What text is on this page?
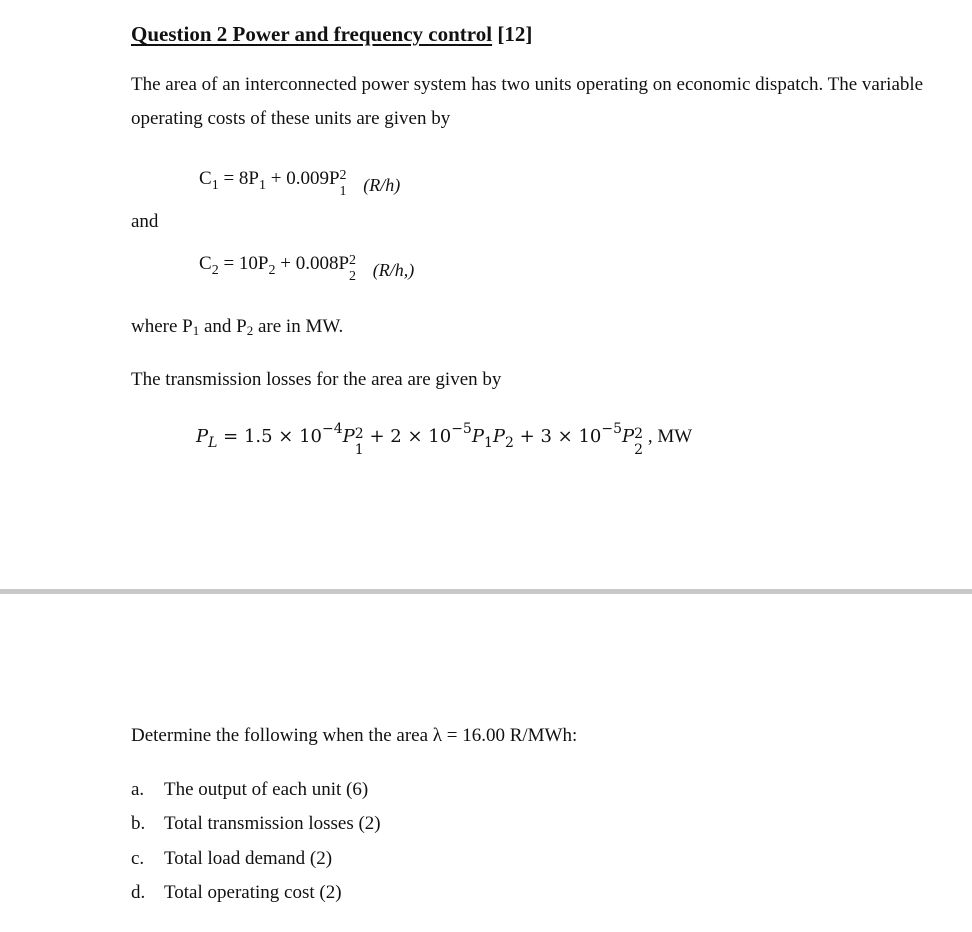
Question 2 Power and frequency control [12]
The area of an interconnected power system has two units operating on economic dispatch. The variable
operating costs of these units are given by
$C_1 = 8P_1 + 0.009P$ 2
1 (R/h)
and
$C_2 = 10P_2 + 0.008P$ 2
2 (R/h,)
where $P_1$ and $P_2$ are in MW.
The transmission losses for the area are given by
$P_L = 1.5 \times 10^{-4}P$ 2
1
+ $2 \times 10^{-5}P_1P_2 + 3 \times 10^{-5}P$ 2
2
, MW
Determine the following when the area λ = 16.00 R/MWh:
a. The output of each unit (6)
b. Total transmission losses (2)
c. Total load demand (2)
d. Total operating cost (2)
